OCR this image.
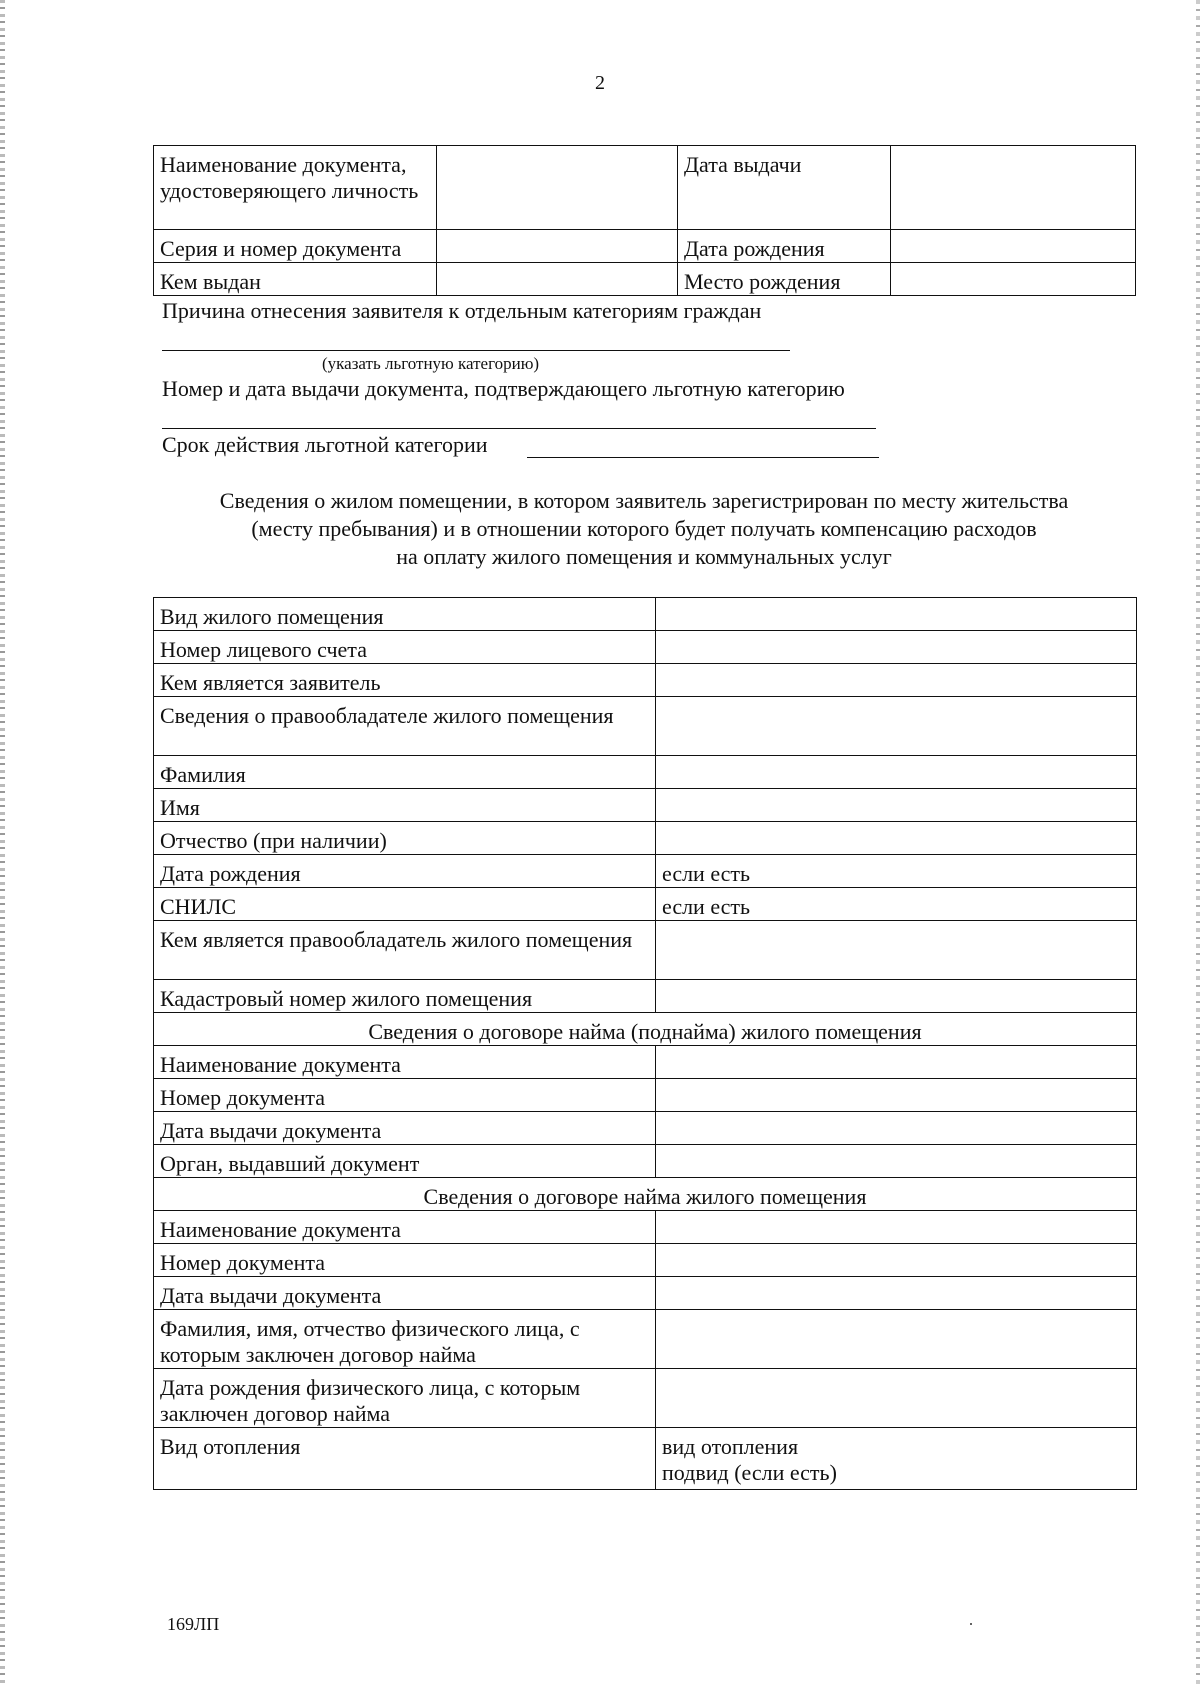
2
Наименование документа, удостоверяющего личность		Дата выдачи	
Серия и номер документа		Дата рождения	
Кем выдан		Место рождения	
Причина отнесения заявителя к отдельным категориям граждан
(указать льготную категорию)
Номер и дата выдачи документа, подтверждающего льготную категорию
Срок действия льготной категории
Сведения о жилом помещении, в котором заявитель зарегистрирован по месту жительства
(месту пребывания) и в отношении которого будет получать компенсацию расходов
на оплату жилого помещения и коммунальных услуг
Вид жилого помещения	
Номер лицевого счета	
Кем является заявитель	
Сведения о правообладателе жилого помещения	
Фамилия	
Имя	
Отчество (при наличии)	
Дата рождения	если есть
СНИЛС	если есть
Кем является правообладатель жилого помещения	
Кадастровый номер жилого помещения	
Сведения о договоре найма (поднайма) жилого помещения	
Наименование документа	
Номер документа	
Дата выдачи документа	
Орган, выдавший документ	
Сведения о договоре найма жилого помещения	
Наименование документа	
Номер документа	
Дата выдачи документа	
Фамилия, имя, отчество физического лица, с которым заключен договор найма	
Дата рождения физического лица, с которым заключен договор найма	
Вид отопления	вид отопления
подвид (если есть)
169ЛП
